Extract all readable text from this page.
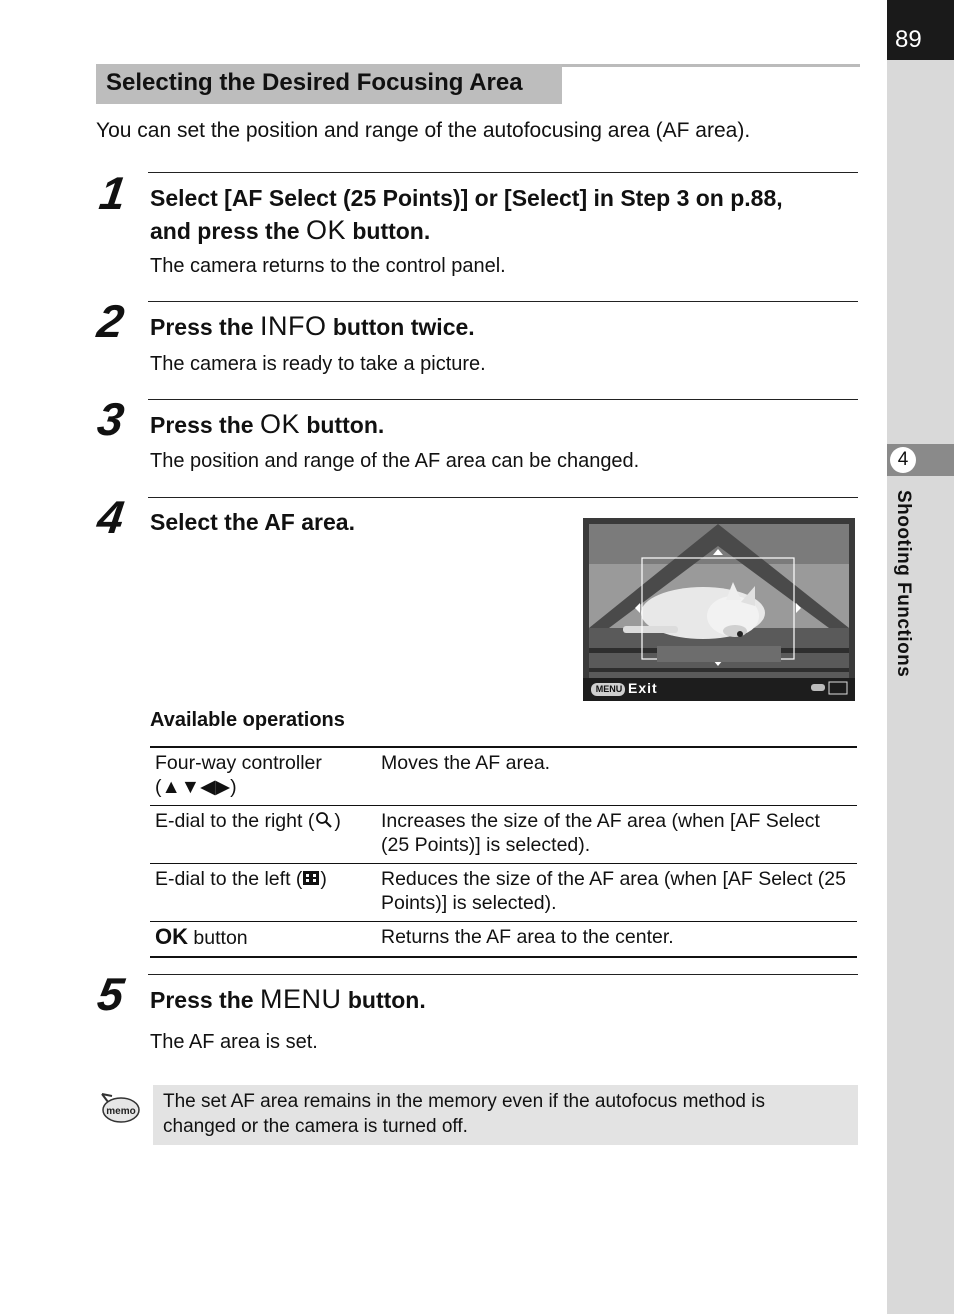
89
4
Shooting Functions
Selecting the Desired Focusing Area
You can set the position and range of the autofocusing area (AF area).
1 Select [AF Select (25 Points)] or [Select] in Step 3 on p.88,
and press the OK button.
The camera returns to the control panel.
2 Press the INFO button twice.
The camera is ready to take a picture.
3 Press the OK button.
The position and range of the AF area can be changed.
4 Select the AF area.
MENU Exit
Available operations
Four-way controller
(▲▼◀▶)	Moves the AF area.
E-dial to the right ( )	Increases the size of the AF area (when [AF Select (25 Points)] is selected).
E-dial to the left ( )	Reduces the size of the AF area (when [AF Select (25 Points)] is selected).
OK button	Returns the AF area to the center.
5 Press the MENU button.
The AF area is set.
memo The set AF area remains in the memory even if the autofocus method is changed or the camera is turned off.
